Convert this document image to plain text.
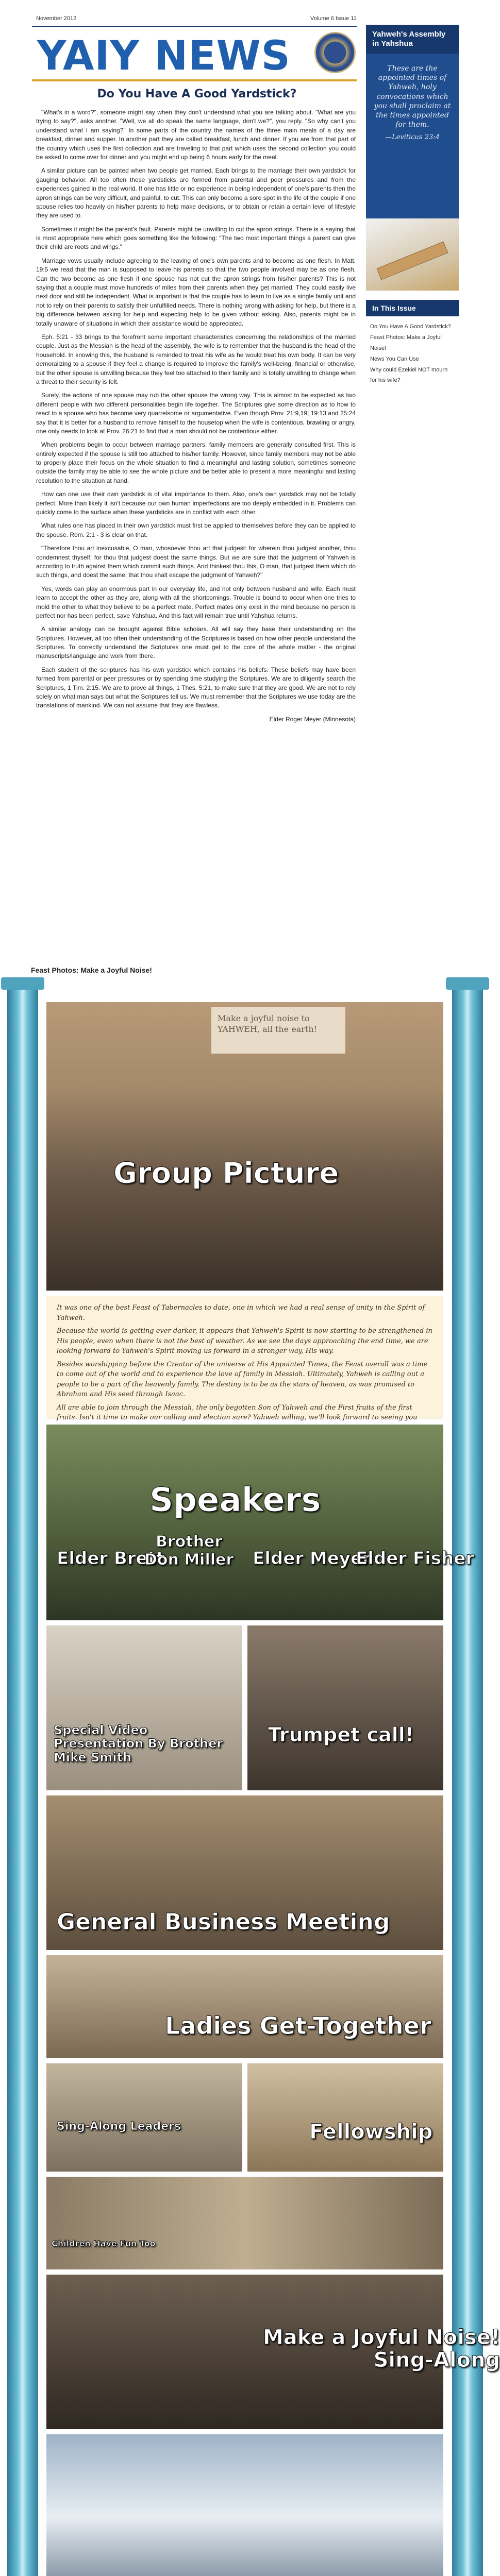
November 2012	Volume 6 Issue 11
YAIY NEWS
Do You Have A Good Yardstick?
Yahweh's Assembly in Yahshua
These are the appointed times of Yahweh, holy convocations which you shall proclaim at the times appointed for them.
—Leviticus 23:4
In This Issue
Do You Have A Good Yardstick?
Feast Photos: Make a Joyful Noise!
News You Can Use
Why could Ezekiel NOT mourn for his wife?

"What's in a word?", someone might say when they don't understand what you are talking about. "What are you trying to say?", asks another. "Well, we all do speak the same language, don't we?", you reply. "So why can't you understand what I am saying?" In some parts of the country the names of the three main meals of a day are breakfast, dinner and supper. In another part they are called breakfast, lunch and dinner. If you are from that part of the country which uses the first collection and are traveling to that part which uses the second collection you could be asked to come over for dinner and you might end up being 6 hours early for the meal.

A similar picture can be painted when two people get married. Each brings to the marriage their own yardstick for gauging behavior. All too often these yardsticks are formed from parental and peer pressures and from the experiences gained in the real world. If one has little or no experience in being independent of one's parents then the apron strings can be very difficult, and painful, to cut. This can only become a sore spot in the life of the couple if one spouse relies too heavily on his/her parents to help make decisions, or to obtain or retain a certain level of lifestyle they are used to.

Sometimes it might be the parent's fault. Parents might be unwilling to cut the apron strings. There is a saying that is most appropriate here which goes something like the following: "The two most important things a parent can give their child are roots and wings."

Marriage vows usually include agreeing to the leaving of one's own parents and to become as one flesh. In Matt. 19:5 we read that the man is supposed to leave his parents so that the two people involved may be as one flesh. Can the two become as one flesh if one spouse has not cut the apron strings from his/her parents? This is not saying that a couple must move hundreds of miles from their parents when they get married. They could easily live next door and still be independent. What is important is that the couple has to learn to live as a single family unit and not to rely on their parents to satisfy their unfulfilled needs. There is nothing wrong with asking for help, but there is a big difference between asking for help and expecting help to be given without asking. Also, parents might be in totally unaware of situations in which their assistance would be appreciated.

Eph. 5:21 - 33 brings to the forefront some important characteristics concerning the relationships of the married couple. Just as the Messiah is the head of the assembly, the wife is to remember that the husband is the head of the household. In knowing this, the husband is reminded to treat his wife as he would treat his own body. It can be very demoralizing to a spouse if they feel a change is required to improve the family's well-being, financial or otherwise, but the other spouse is unwilling because they feel too attached to their family and is totally unwilling to change when a threat to their security is felt.

Surely, the actions of one spouse may rub the other spouse the wrong way. This is almost to be expected as two different people with two different personalities begin life together. The Scriptures give some direction as to how to react to a spouse who has become very quarrelsome or argumentative. Even though Prov. 21:9,19; 19:13 and 25:24 say that it is better for a husband to remove himself to the housetop when the wife is contentious, brawling or angry, one only needs to look at Prov. 26:21 to find that a man should not be contentious either.

When problems begin to occur between marriage partners, family members are generally consulted first. This is entirely expected if the spouse is still too attached to his/her family. However, since family members may not be able to properly place their focus on the whole situation to find a meaningful and lasting solution, sometimes someone outside the family may be able to see the whole picture and be better able to present a more meaningful and lasting resolution to the situation at hand.

How can one use their own yardstick is of vital importance to them. Also, one's own yardstick may not be totally perfect. More than likely it isn't because our own human imperfections are too deeply embedded in it. Problems can quickly come to the surface when these yardsticks are in conflict with each other.

What rules one has placed in their own yardstick must first be applied to themselves before they can be applied to the spouse. Rom. 2:1 - 3 is clear on that.

"Therefore thou art inexcusable, O man, whosoever thou art that judgest: for wherein thou judgest another, thou condemnest thyself; for thou that judgest doest the same things. But we are sure that the judgment of Yahweh is according to truth against them which commit such things. And thinkest thou this, O man, that judgest them which do such things, and doest the same, that thou shalt escape the judgment of Yahweh?"

Yes, words can play an enormous part in our everyday life, and not only between husband and wife. Each must learn to accept the other as they are, along with all the shortcomings. Trouble is bound to occur when one tries to mold the other to what they believe to be a perfect mate. Perfect mates only exist in the mind because no person is perfect nor has been perfect, save Yahshua. And this fact will remain true until Yahshua returns.

A similar analogy can be brought against Bible scholars. All will say they base their understanding on the Scriptures. However, all too often their understanding of the Scriptures is based on how other people understand the Scriptures. To correctly understand the Scriptures one must get to the core of the whole matter - the original manuscripts/language and work from there.

Each student of the scriptures has his own yardstick which contains his beliefs. These beliefs may have been formed from parental or peer pressures or by spending time studying the Scriptures. We are to diligently search the Scriptures, 1 Tim. 2:15. We are to prove all things, 1 Thes. 5:21, to make sure that they are good. We are not to rely solely on what man says but what the Scriptures tell us. We must remember that the Scriptures we use today are the translations of mankind. We can not assume that they are flawless.

Elder Roger Meyer (Minnesota)
Feast Photos: Make a Joyful Noise!
Make a joyful noise to YAHWEH, all the earth!
Group Picture

It was one of the best Feast of Tabernacles to date, one in which we had a real sense of unity in the Spirit of Yahweh.

Because the world is getting ever darker, it appears that Yahweh's Spirit is now starting to be strengthened in His people, even when there is not the best of weather. As we see the days approaching the end time, we are looking forward to Yahweh's Spirit moving us forward in a stronger way, His way.

Besides worshipping before the Creator of the universe at His Appointed Times, the Feast overall was a time to come out of the world and to experience the love of family in Messiah. Ultimately, Yahweh is calling out a people to be a part of the heavenly family. The destiny is to be as the stars of heaven, as was promised to Abraham and His seed through Isaac.

All are able to join through the Messiah, the only begotten Son of Yahweh and the First fruits of the first fruits. Isn't it time to make our calling and election sure? Yahweh willing, we'll look forward to seeing you

Speakers
Elder Brett
Brother
Don Miller Elder Meyer
Elder Fisher
Special Video Presentation By Brother Mike Smith
Trumpet call!
General Business Meeting
Ladies Get-Together
Sing-Along Leaders	Fellowship
Children Have Fun Too
Make a Joyful Noise!
Sing-Along
